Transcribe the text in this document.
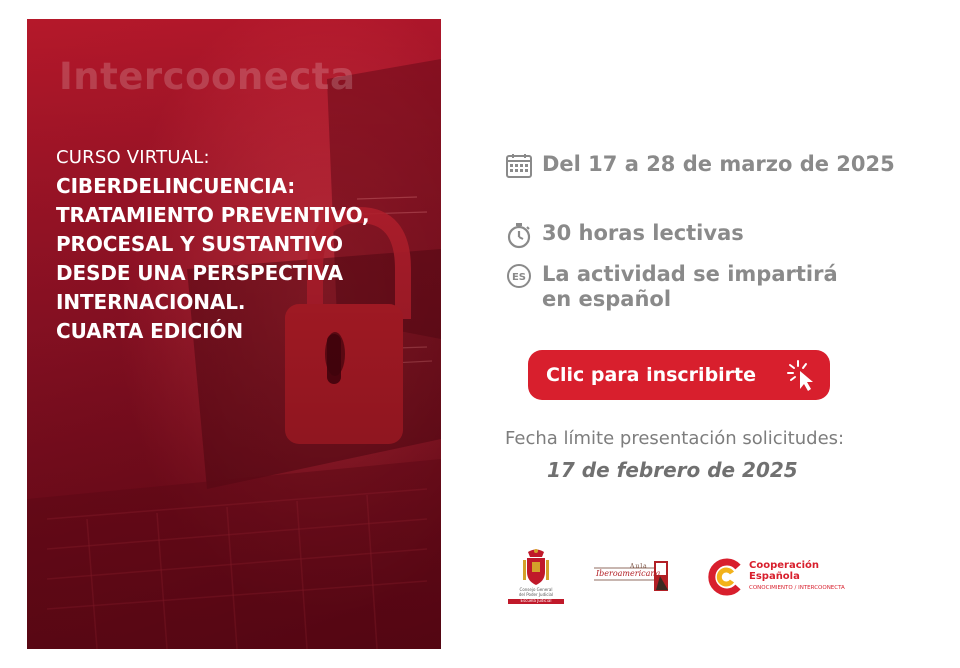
Intercoonecta
CURSO VIRTUAL:
CIBERDELINCUENCIA:
TRATAMIENTO PREVENTIVO,
PROCESAL Y SUSTANTIVO
DESDE UNA PERSPECTIVA
INTERNACIONAL.
CUARTA EDICIÓN
Del 17 a 28 de marzo de 2025
30 horas lectivas
ES La actividad se impartirá
en español
Clic para inscribirte
Fecha límite presentación solicitudes:
17 de febrero de 2025
Consejo General
del Poder Judicial
Escuela Judicial
Aula
Iberoamericana
Cooperación
Española
CONOCIMIENTO / INTERCOONECTA
